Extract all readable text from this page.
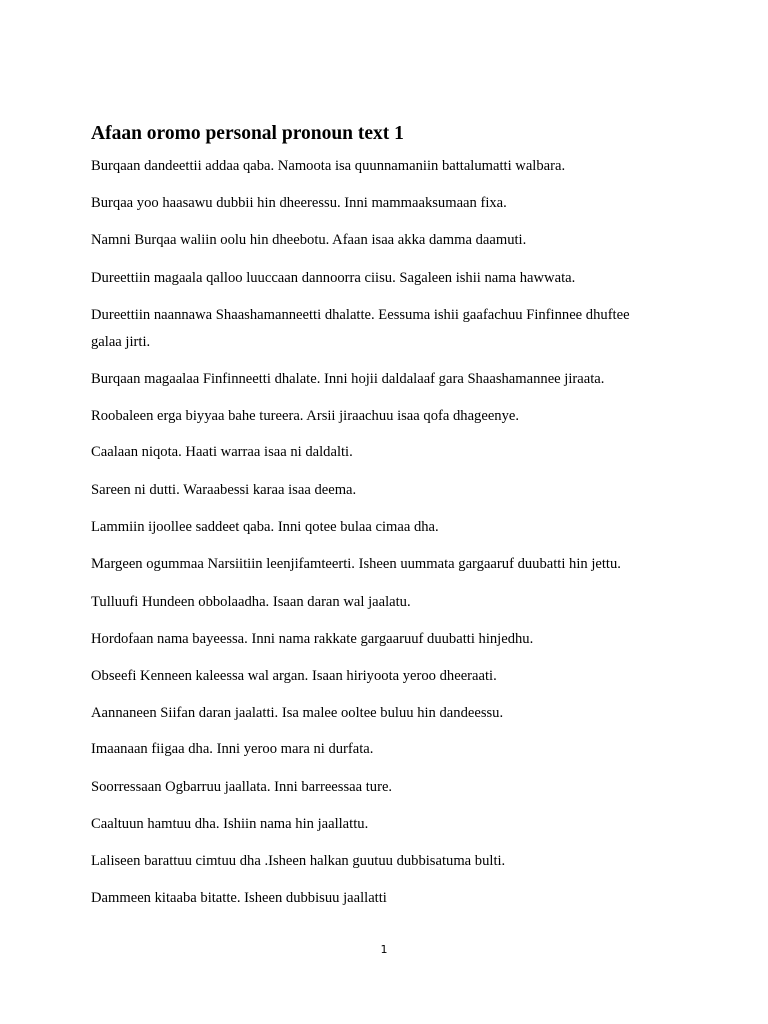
Afaan oromo personal pronoun text 1

Burqaan dandeettii addaa qaba. Namoota isa quunnamaniin battalumatti walbara.

Burqaa yoo haasawu dubbii hin dheeressu. Inni mammaaksumaan fixa.

Namni Burqaa waliin oolu hin dheebotu. Afaan isaa akka damma daamuti.

Dureettiin magaala qalloo luuccaan dannoorra ciisu. Sagaleen ishii nama hawwata.

Dureettiin naannawa Shaashamanneetti dhalatte. Eessuma ishii gaafachuu Finfinnee dhuftee galaa jirti.

Burqaan magaalaa Finfinneetti dhalate. Inni hojii daldalaaf gara Shaashamannee jiraata.

Roobaleen erga biyyaa bahe tureera. Arsii jiraachuu isaa qofa dhageenye.

Caalaan niqota. Haati warraa isaa ni daldalti.

Sareen ni dutti. Waraabessi karaa isaa deema.

Lammiin ijoollee saddeet qaba. Inni qotee bulaa cimaa dha.

Margeen ogummaa Narsiitiin leenjifamteerti. Isheen uummata gargaaruf duubatti hin jettu.

Tulluufi Hundeen obbolaadha. Isaan daran wal jaalatu.

Hordofaan nama bayeessa. Inni nama rakkate gargaaruuf duubatti hinjedhu.

Obseefi Kenneen kaleessa wal argan. Isaan hiriyoota yeroo dheeraati.

Aannaneen Siifan daran jaalatti. Isa malee ooltee buluu hin dandeessu.

Imaanaan fiigaa dha. Inni yeroo mara ni durfata.

Soorressaan Ogbarruu jaallata. Inni barreessaa ture.

Caaltuun hamtuu dha. Ishiin nama hin jaallattu.

Laliseen barattuu cimtuu dha .Isheen halkan guutuu dubbisatuma bulti.

Dammeen kitaaba bitatte. Isheen dubbisuu jaallatti

1
